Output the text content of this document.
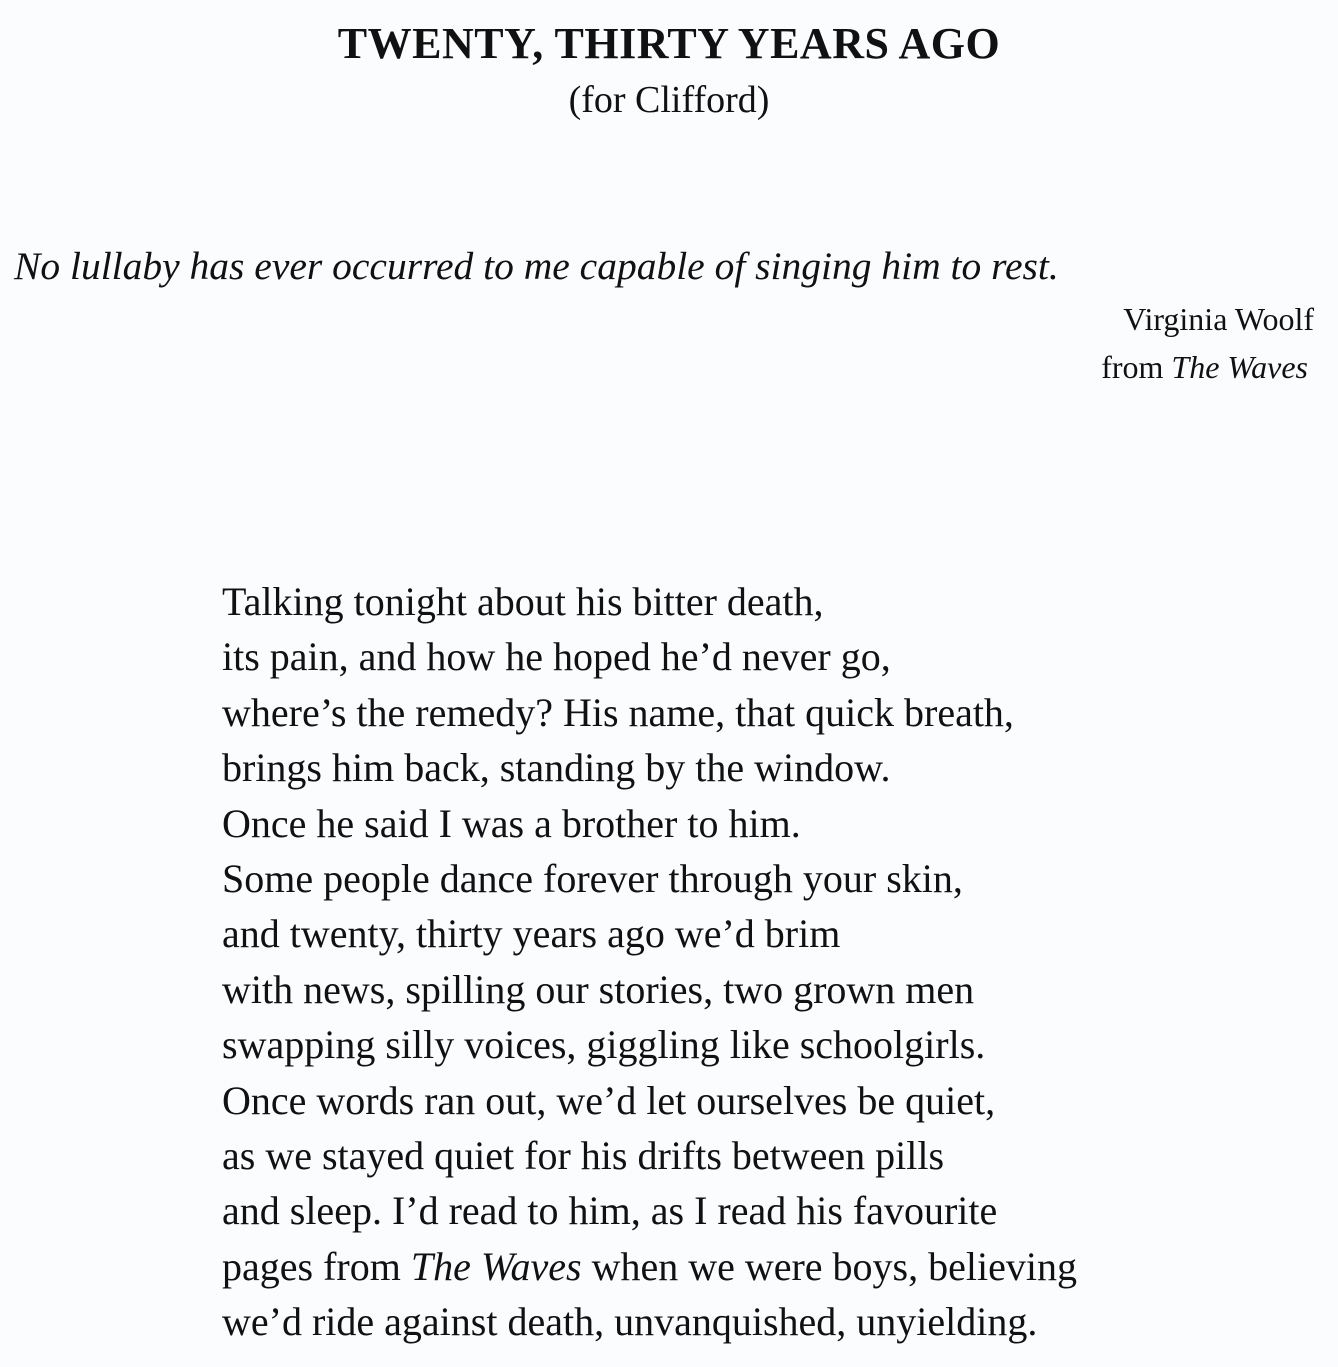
TWENTY, THIRTY YEARS AGO
(for Clifford)
No lullaby has ever occurred to me capable of singing him to rest.
Virginia Woolf
from The Waves
Talking tonight about his bitter death,
its pain, and how he hoped he’d never go,
where’s the remedy? His name, that quick breath,
brings him back, standing by the window.
Once he said I was a brother to him.
Some people dance forever through your skin,
and twenty, thirty years ago we’d brim
with news, spilling our stories, two grown men
swapping silly voices, giggling like schoolgirls.
Once words ran out, we’d let ourselves be quiet,
as we stayed quiet for his drifts between pills
and sleep. I’d read to him, as I read his favourite
pages from The Waves when we were boys, believing
we’d ride against death, unvanquished, unyielding.
